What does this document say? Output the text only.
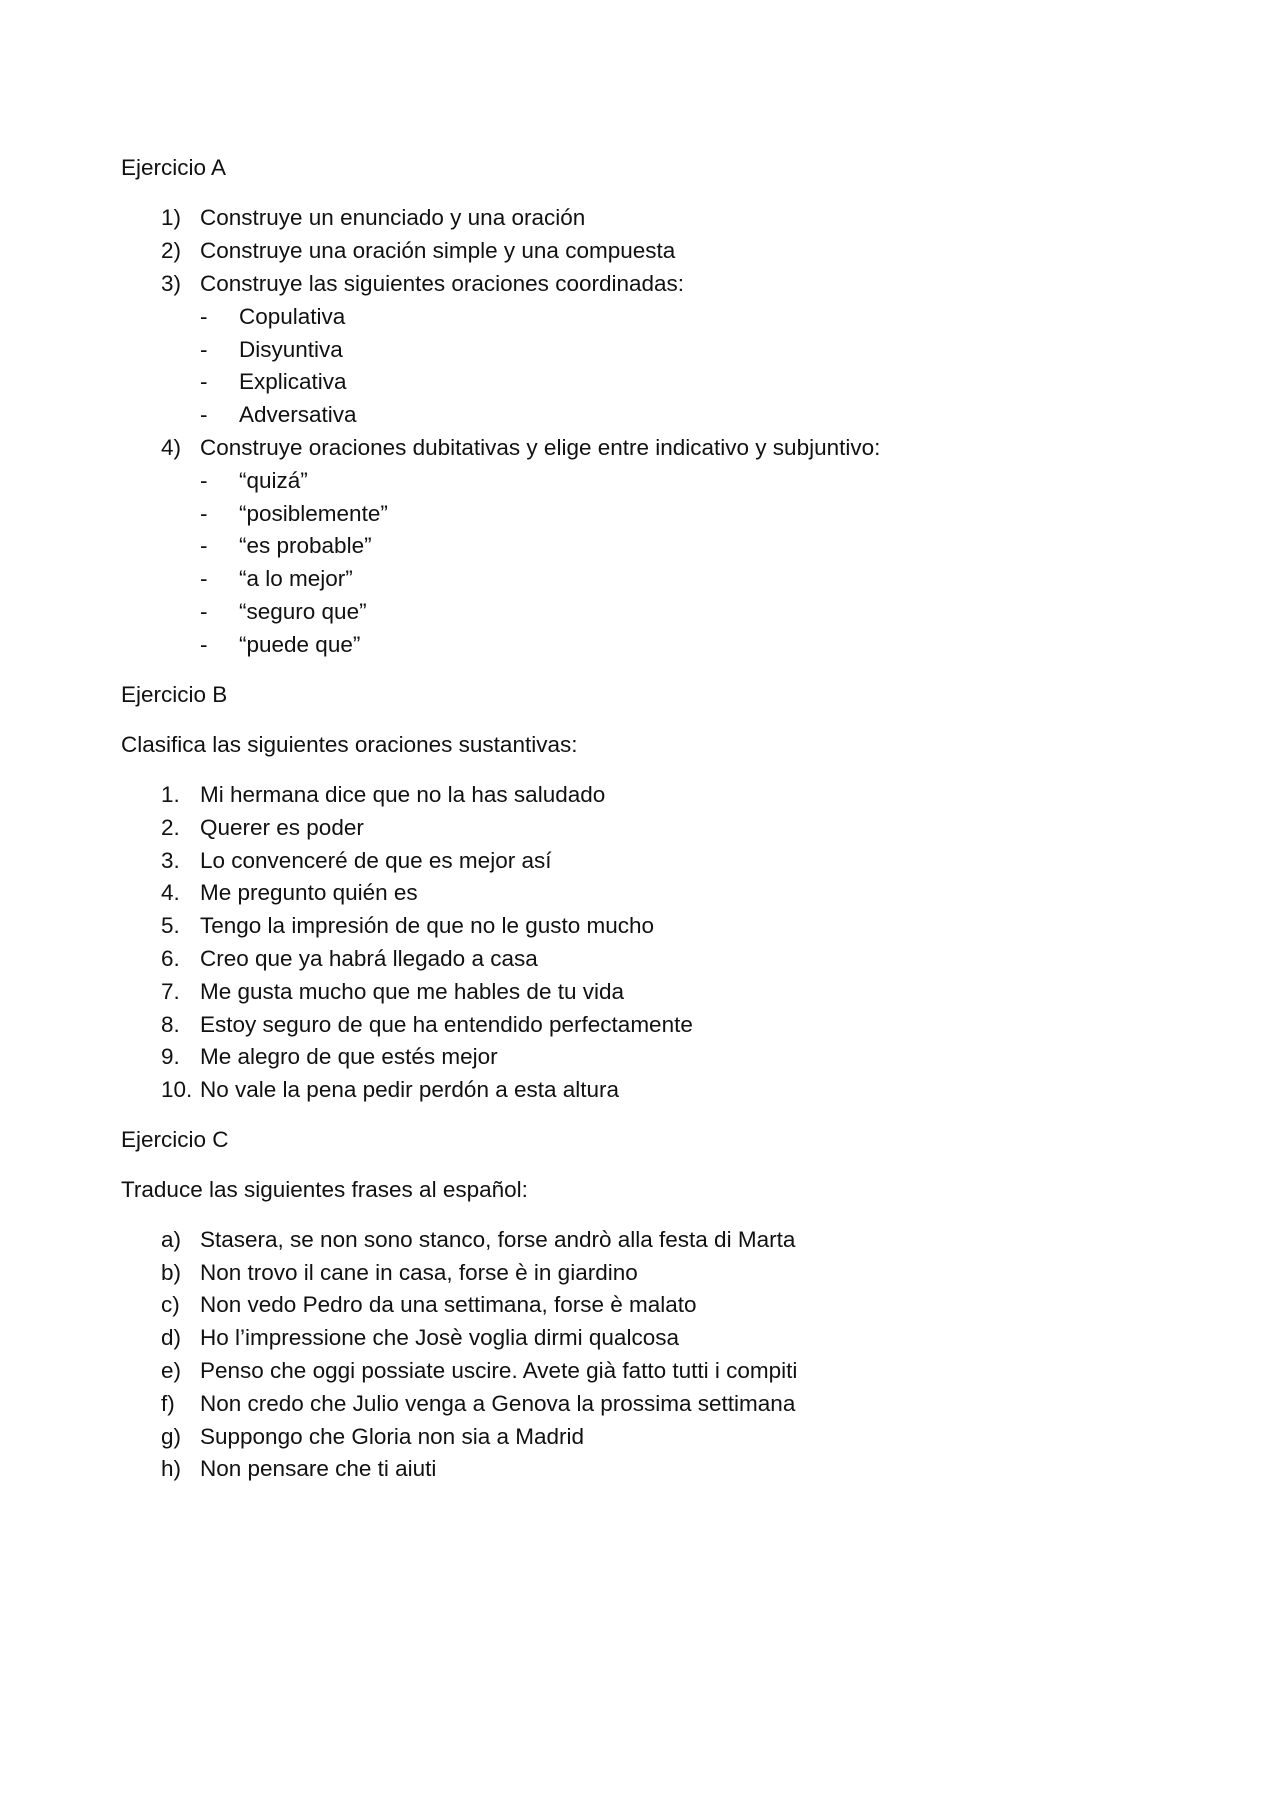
Ejercicio A
1) Construye un enunciado y una oración
2) Construye una oración simple y una compuesta
3) Construye las siguientes oraciones coordinadas:
- Copulativa
- Disyuntiva
- Explicativa
- Adversativa
4) Construye oraciones dubitativas y elige entre indicativo y subjuntivo:
- “quizá”
- “posiblemente”
- “es probable”
- “a lo mejor”
- “seguro que”
- “puede que”
Ejercicio B
Clasifica las siguientes oraciones sustantivas:
1. Mi hermana dice que no la has saludado
2. Querer es poder
3. Lo convenceré de que es mejor así
4. Me pregunto quién es
5. Tengo la impresión de que no le gusto mucho
6. Creo que ya habrá llegado a casa
7. Me gusta mucho que me hables de tu vida
8. Estoy seguro de que ha entendido perfectamente
9. Me alegro de que estés mejor
10. No vale la pena pedir perdón a esta altura
Ejercicio C
Traduce las siguientes frases al español:
a) Stasera, se non sono stanco, forse andrò alla festa di Marta
b) Non trovo il cane in casa, forse è in giardino
c) Non vedo Pedro da una settimana, forse è malato
d) Ho l’impressione che Josè voglia dirmi qualcosa
e) Penso che oggi possiate uscire. Avete già fatto tutti i compiti
f) Non credo che Julio venga a Genova la prossima settimana
g) Suppongo che Gloria non sia a Madrid
h) Non pensare che ti aiuti
